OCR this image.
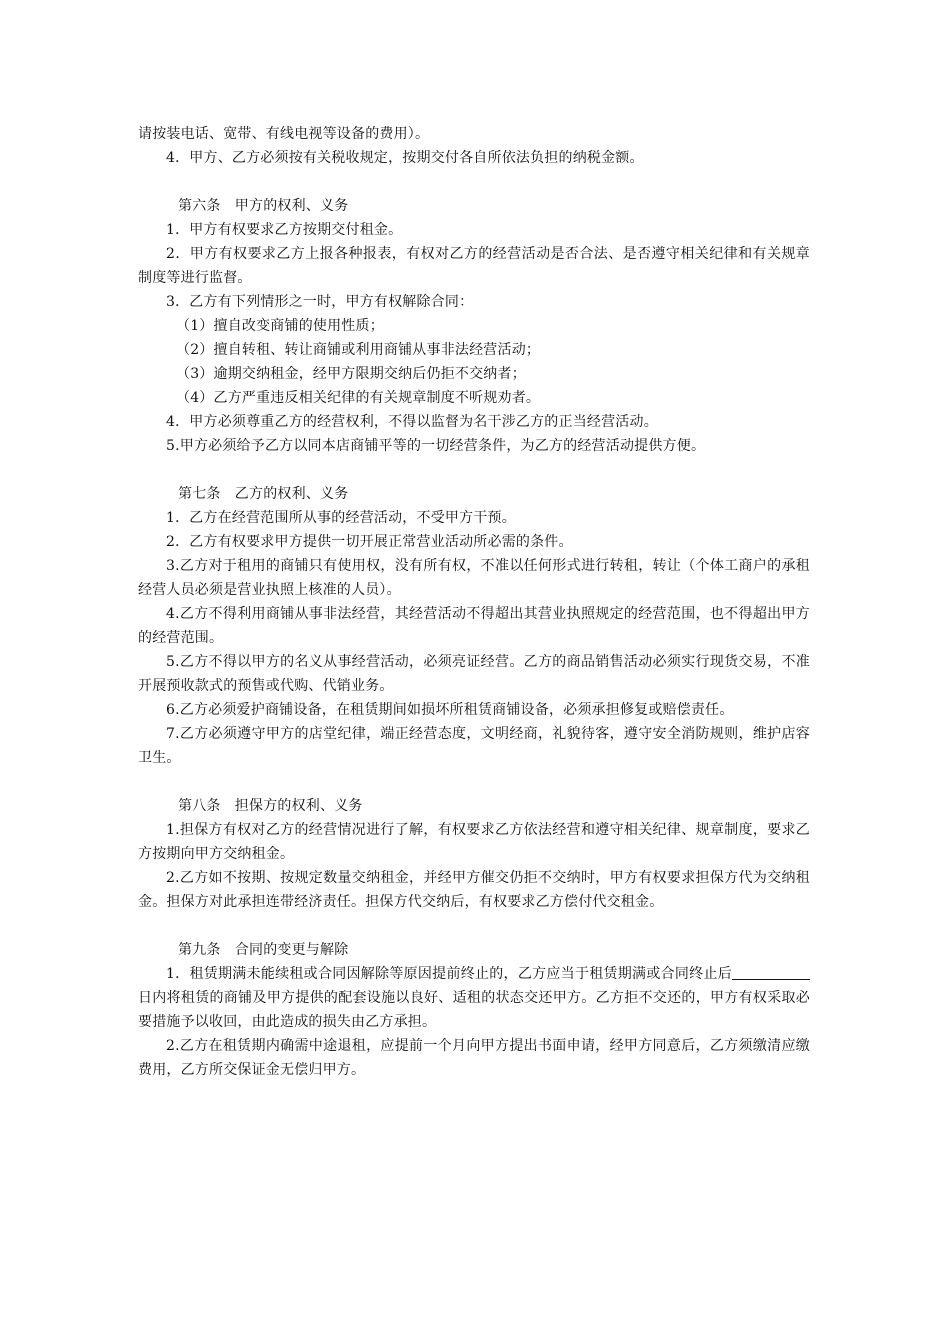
请按装电话、宽带、有线电视等设备的费用）。

4．甲方、乙方必须按有关税收规定，按期交付各自所依法负担的纳税金额。

第六条　甲方的权利、义务

1．甲方有权要求乙方按期交付租金。

2．甲方有权要求乙方上报各种报表，有权对乙方的经营活动是否合法、是否遵守相关纪律和有关规章制度等进行监督。

3．乙方有下列情形之一时，甲方有权解除合同：

（1）擅自改变商铺的使用性质；

（2）擅自转租、转让商铺或利用商铺从事非法经营活动；

（3）逾期交纳租金，经甲方限期交纳后仍拒不交纳者；

（4）乙方严重违反相关纪律的有关规章制度不听规劝者。

4．甲方必须尊重乙方的经营权利，不得以监督为名干涉乙方的正当经营活动。

5.甲方必须给予乙方以同本店商铺平等的一切经营条件，为乙方的经营活动提供方便。

第七条　乙方的权利、义务

1．乙方在经营范围所从事的经营活动，不受甲方干预。

2．乙方有权要求甲方提供一切开展正常营业活动所必需的条件。

3.乙方对于租用的商铺只有使用权，没有所有权，不准以任何形式进行转租，转让（个体工商户的承租经营人员必须是营业执照上核准的人员）。

4.乙方不得利用商铺从事非法经营，其经营活动不得超出其营业执照规定的经营范围，也不得超出甲方的经营范围。

5.乙方不得以甲方的名义从事经营活动，必须亮证经营。乙方的商品销售活动必须实行现货交易，不准开展预收款式的预售或代购、代销业务。

6.乙方必须爱护商铺设备，在租赁期间如损坏所租赁商铺设备，必须承担修复或赔偿责任。

7.乙方必须遵守甲方的店堂纪律，端正经营态度，文明经商，礼貌待客，遵守安全消防规则，维护店容卫生。

第八条　担保方的权利、义务

1.担保方有权对乙方的经营情况进行了解，有权要求乙方依法经营和遵守相关纪律、规章制度，要求乙方按期向甲方交纳租金。

2.乙方如不按期、按规定数量交纳租金，并经甲方催交仍拒不交纳时，甲方有权要求担保方代为交纳租金。担保方对此承担连带经济责任。担保方代交纳后，有权要求乙方偿付代交租金。

第九条　合同的变更与解除

1．租赁期满未能续租或合同因解除等原因提前终止的，乙方应当于租赁期满或合同终止后日内将租赁的商铺及甲方提供的配套设施以良好、适租的状态交还甲方。乙方拒不交还的，甲方有权采取必要措施予以收回，由此造成的损失由乙方承担。

2.乙方在租赁期内确需中途退租，应提前一个月向甲方提出书面申请，经甲方同意后，乙方须缴清应缴费用，乙方所交保证金无偿归甲方。
